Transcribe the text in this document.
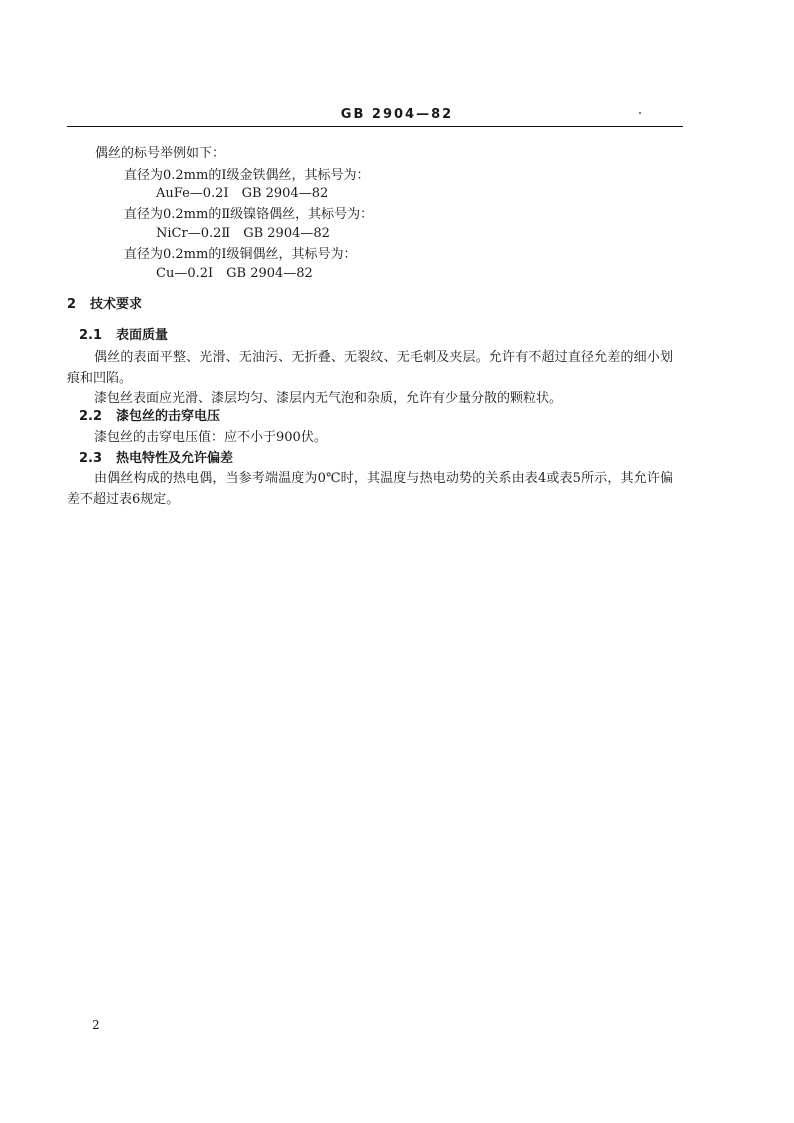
GB 2904—82
偶丝的标号举例如下：
直径为0.2mm的Ⅰ级金铁偶丝，其标号为：
AuFe—0.2Ⅰ　GB 2904—82
直径为0.2mm的Ⅱ级镍铬偶丝，其标号为：
NiCr—0.2Ⅱ　GB 2904—82
直径为0.2mm的Ⅰ级铜偶丝，其标号为：
Cu—0.2Ⅰ　GB 2904—82
2 技术要求
2.1 表面质量
偶丝的表面平整、光滑、无油污、无折叠、无裂纹、无毛刺及夹层。允许有不超过直径允差的细小划痕和凹陷。
漆包丝表面应光滑、漆层均匀、漆层内无气泡和杂质，允许有少量分散的颗粒状。
2.2 漆包丝的击穿电压
漆包丝的击穿电压值：应不小于900伏。
2.3 热电特性及允许偏差
由偶丝构成的热电偶，当参考端温度为0℃时，其温度与热电动势的关系由表4或表5所示，其允许偏差不超过表6规定。
2
